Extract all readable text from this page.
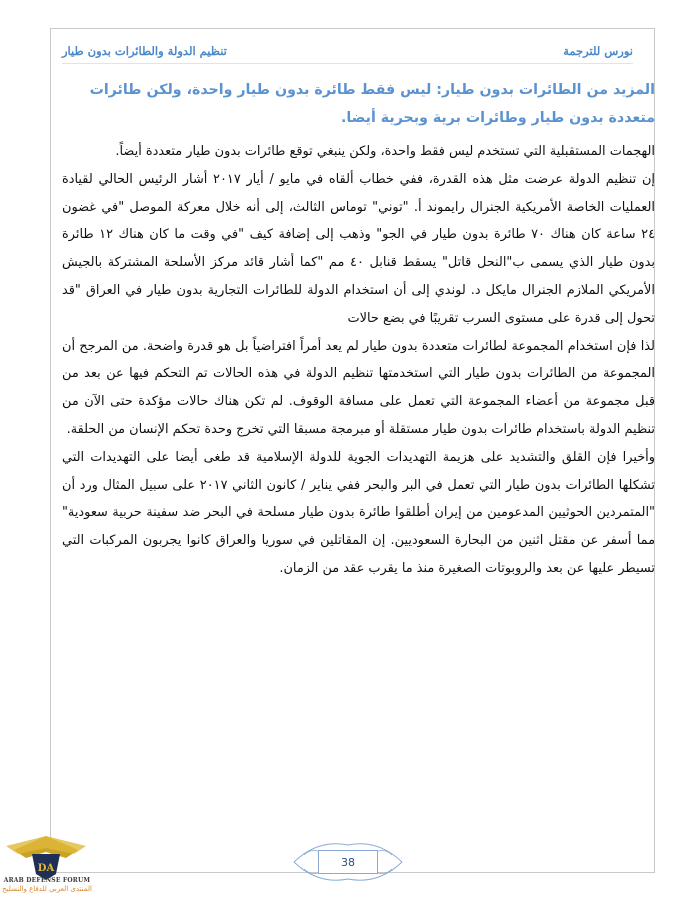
نورس للترجمة
تنظيم الدولة والطائرات بدون طيار
المزيد من الطائرات بدون طيار: ليس فقط طائرة بدون طيار واحدة، ولكن طائرات متعددة بدون طيار وطائرات برية وبحرية أيضا.

الهجمات المستقبلية التي تستخدم ليس فقط واحدة، ولكن ينبغي توقع طائرات بدون طيار متعددة أيضاً.

إن تنظيم الدولة عرضت مثل هذه القدرة، ففي خطاب ألقاه في مايو / أيار ٢٠١٧ أشار الرئيس الحالي لقيادة العمليات الخاصة الأمريكية الجنرال رايموند أ. "توني" توماس الثالث، إلى أنه خلال معركة الموصل "في غضون ٢٤ ساعة كان هناك ٧٠ طائرة بدون طيار في الجو" وذهب إلى إضافة كيف "في وقت ما كان هناك ١٢ طائرة بدون طيار الذي يسمى ب"النحل قاتل" يسقط قنابل ٤٠ مم "كما أشار قائد مركز الأسلحة المشتركة بالجيش الأمريكي الملازم الجنرال مايكل د. لوندي إلى أن استخدام الدولة للطائرات التجارية بدون طيار في العراق "قد تحول إلى قدرة على مستوى السرب تقريبًا في بضع حالات

لذا فإن استخدام المجموعة لطائرات متعددة بدون طيار لم يعد أمراً افتراضياً بل هو قدرة واضحة. من المرجح أن المجموعة من الطائرات بدون طيار التي استخدمتها تنظيم الدولة في هذه الحالات تم التحكم فيها عن بعد من قبل مجموعة من أعضاء المجموعة التي تعمل على مسافة الوقوف. لم تكن هناك حالات مؤكدة حتى الآن من تنظيم الدولة باستخدام طائرات بدون طيار مستقلة أو مبرمجة مسبقا التي تخرج وحدة تحكم الإنسان من الحلقة.

وأخيرا فإن القلق والتشديد على هزيمة التهديدات الجوية للدولة الإسلامية قد طغى أيضا على التهديدات التي تشكلها الطائرات بدون طيار التي تعمل في البر والبحر ففي يناير / كانون الثاني ٢٠١٧ على سبيل المثال ورد أن "المتمردين الحوثيين المدعومين من إيران أطلقوا طائرة بدون طيار مسلحة في البحر ضد سفينة حربية سعودية" مما أسفر عن مقتل اثنين من البحارة السعوديين. إن المقاتلين في سوريا والعراق كانوا يجربون المركبات التي تسيطر عليها عن بعد والروبوتات الصغيرة منذ ما يقرب عقد من الزمان.

38
DA
ARAB DEFENSE FORUM
المنتدى العربي للدفاع والتسليح
